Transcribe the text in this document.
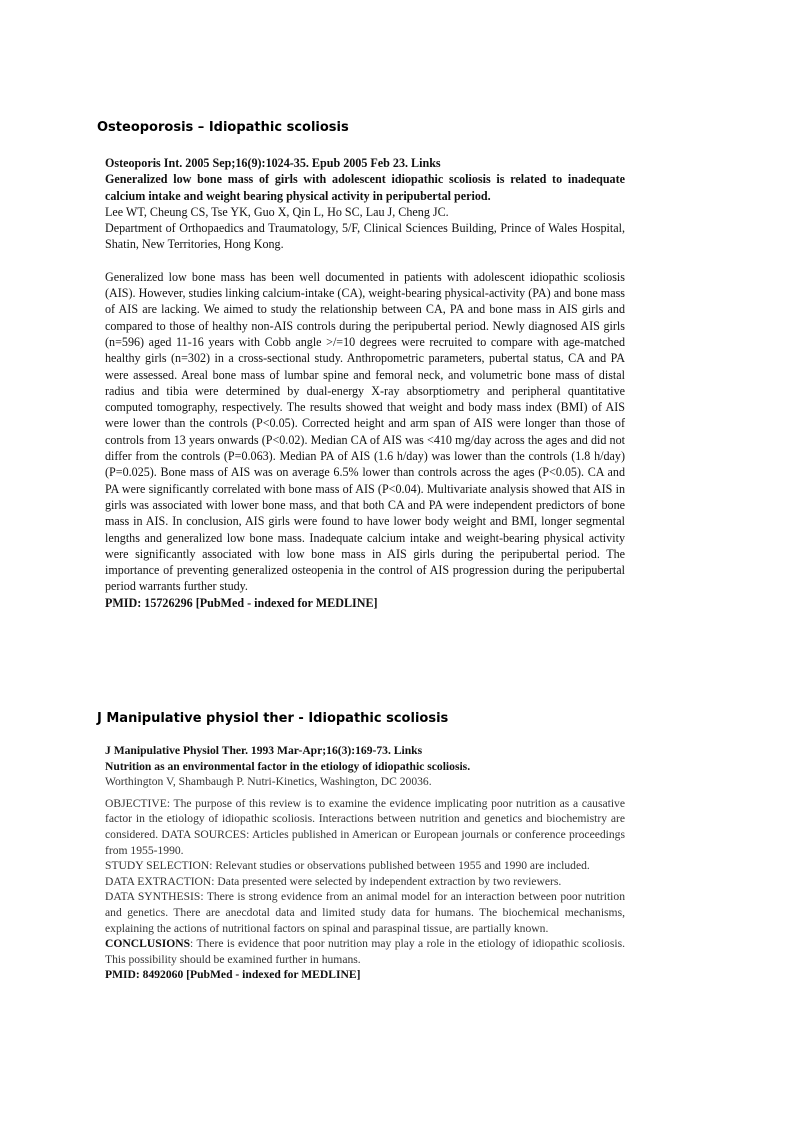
Osteoporosis – Idiopathic scoliosis
Osteoporis Int. 2005 Sep;16(9):1024-35. Epub 2005 Feb 23. Links
Generalized low bone mass of girls with adolescent idiopathic scoliosis is related to inadequate calcium intake and weight bearing physical activity in peripubertal period.
Lee WT, Cheung CS, Tse YK, Guo X, Qin L, Ho SC, Lau J, Cheng JC.
Department of Orthopaedics and Traumatology, 5/F, Clinical Sciences Building, Prince of Wales Hospital, Shatin, New Territories, Hong Kong.
Generalized low bone mass has been well documented in patients with adolescent idiopathic scoliosis (AIS). However, studies linking calcium-intake (CA), weight-bearing physical-activity (PA) and bone mass of AIS are lacking. We aimed to study the relationship between CA, PA and bone mass in AIS girls and compared to those of healthy non-AIS controls during the peripubertal period. Newly diagnosed AIS girls (n=596) aged 11-16 years with Cobb angle >/=10 degrees were recruited to compare with age-matched healthy girls (n=302) in a cross-sectional study. Anthropometric parameters, pubertal status, CA and PA were assessed. Areal bone mass of lumbar spine and femoral neck, and volumetric bone mass of distal radius and tibia were determined by dual-energy X-ray absorptiometry and peripheral quantitative computed tomography, respectively. The results showed that weight and body mass index (BMI) of AIS were lower than the controls (P<0.05). Corrected height and arm span of AIS were longer than those of controls from 13 years onwards (P<0.02). Median CA of AIS was <410 mg/day across the ages and did not differ from the controls (P=0.063). Median PA of AIS (1.6 h/day) was lower than the controls (1.8 h/day) (P=0.025). Bone mass of AIS was on average 6.5% lower than controls across the ages (P<0.05). CA and PA were significantly correlated with bone mass of AIS (P<0.04). Multivariate analysis showed that AIS in girls was associated with lower bone mass, and that both CA and PA were independent predictors of bone mass in AIS. In conclusion, AIS girls were found to have lower body weight and BMI, longer segmental lengths and generalized low bone mass. Inadequate calcium intake and weight-bearing physical activity were significantly associated with low bone mass in AIS girls during the peripubertal period. The importance of preventing generalized osteopenia in the control of AIS progression during the peripubertal period warrants further study.
PMID: 15726296 [PubMed - indexed for MEDLINE]
J Manipulative physiol ther - Idiopathic scoliosis
J Manipulative Physiol Ther. 1993 Mar-Apr;16(3):169-73. Links
Nutrition as an environmental factor in the etiology of idiopathic scoliosis.
Worthington V, Shambaugh P. Nutri-Kinetics, Washington, DC 20036.
OBJECTIVE: The purpose of this review is to examine the evidence implicating poor nutrition as a causative factor in the etiology of idiopathic scoliosis. Interactions between nutrition and genetics and biochemistry are considered. DATA SOURCES: Articles published in American or European journals or conference proceedings from 1955-1990.
STUDY SELECTION: Relevant studies or observations published between 1955 and 1990 are included.
DATA EXTRACTION: Data presented were selected by independent extraction by two reviewers.
DATA SYNTHESIS: There is strong evidence from an animal model for an interaction between poor nutrition and genetics. There are anecdotal data and limited study data for humans. The biochemical mechanisms, explaining the actions of nutritional factors on spinal and paraspinal tissue, are partially known.
CONCLUSIONS: There is evidence that poor nutrition may play a role in the etiology of idiopathic scoliosis. This possibility should be examined further in humans.
PMID: 8492060 [PubMed - indexed for MEDLINE]
